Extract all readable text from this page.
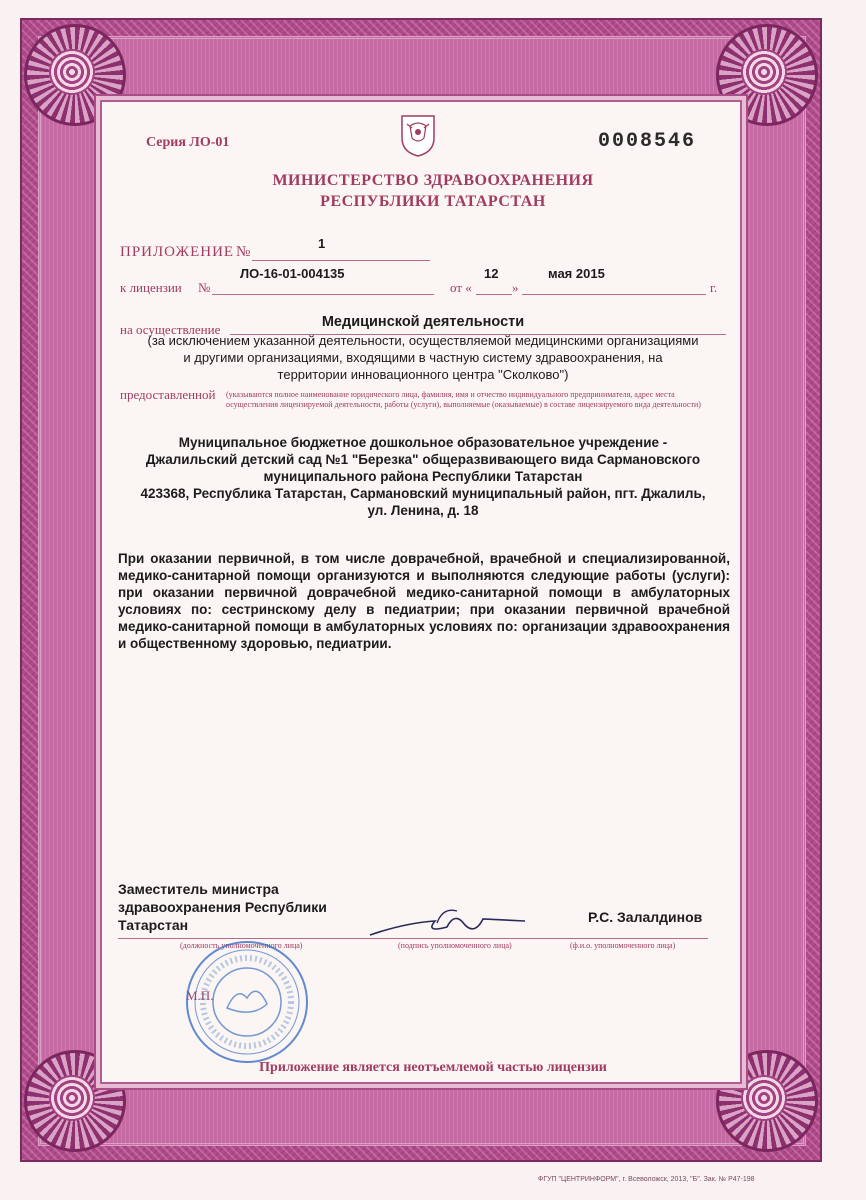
Серия ЛО-01	0008546
МИНИСТЕРСТВО ЗДРАВООХРАНЕНИЯ
РЕСПУБЛИКИ ТАТАРСТАН
ПРИЛОЖЕНИЕ №
1
к лицензии №
ЛО-16-01-004135
от «
12
»
мая 2015
г.
на осуществление	Медицинской деятельности
(за исключением указанной деятельности, осуществляемой медицинскими организациями
и другими организациями, входящими в частную систему здравоохранения, на
территории инновационного центра "Сколково")
предоставленной (указываются полное наименование юридического лица, фамилия, имя и отчество индивидуального предпринимателя, адрес места осуществления лицензируемой деятельности, работы (услуги), выполняемые (оказываемые) в составе лицензируемого вида деятельности)
Муниципальное бюджетное дошкольное образовательное учреждение -
Джалильский детский сад №1 "Березка" общеразвивающего вида Сармановского
муниципального района Республики Татарстан
423368, Республика Татарстан, Сармановский муниципальный район, пгт. Джалиль,
ул. Ленина, д. 18
При оказании первичной, в том числе доврачебной, врачебной и специализированной, медико-санитарной помощи организуются и выполняются следующие работы (услуги): при оказании первичной доврачебной медико-санитарной помощи в амбулаторных условиях по: сестринскому делу в педиатрии; при оказании первичной врачебной медико-санитарной помощи в амбулаторных условиях по: организации здравоохранения и общественному здоровью, педиатрии.
Заместитель министра
здравоохранения Республики
Татарстан	Р.С. Залалдинов
(должность уполномоченного лица)	(подпись уполномоченного лица)	(ф.и.о. уполномоченного лица)
М.П.
Приложение является неотъемлемой частью лицензии
ФГУП "ЦЕНТРИНФОРМ", г. Всеволожск, 2013, "Б". Зак. № Р47-198
